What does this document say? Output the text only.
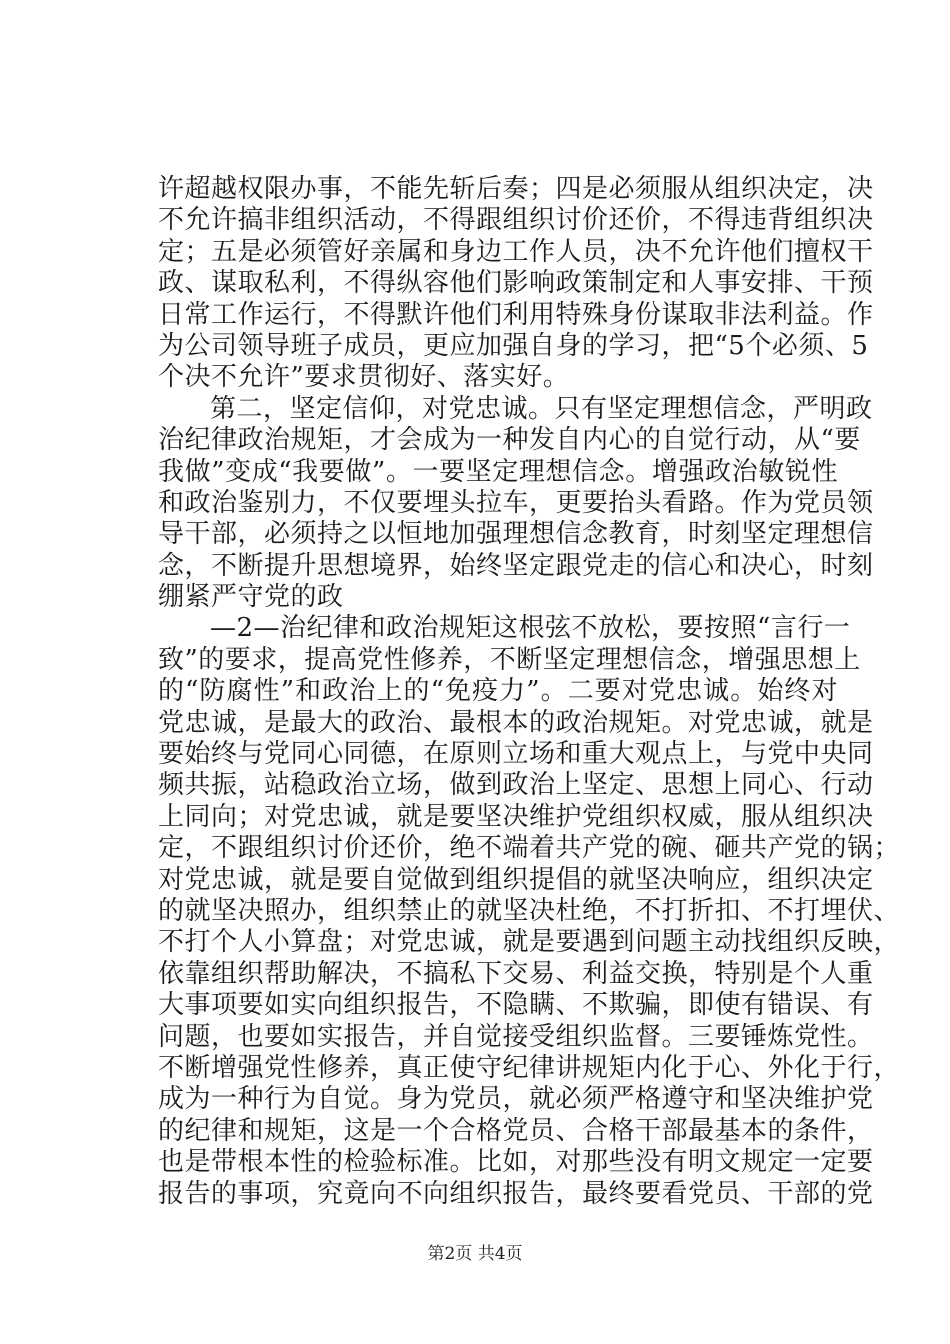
许超越权限办事，不能先斩后奏；四是必须服从组织决定，决
不允许搞非组织活动，不得跟组织讨价还价，不得违背组织决
定；五是必须管好亲属和身边工作人员，决不允许他们擅权干
政、谋取私利，不得纵容他们影响政策制定和人事安排、干预
日常工作运行，不得默许他们利用特殊身份谋取非法利益。作
为公司领导班子成员，更应加强自身的学习，把“5个必须、5
个决不允许”要求贯彻好、落实好。
第二，坚定信仰，对党忠诚。只有坚定理想信念，严明政
治纪律政治规矩，才会成为一种发自内心的自觉行动，从“要
我做”变成“我要做”。一要坚定理想信念。增强政治敏锐性
和政治鉴别力，不仅要埋头拉车，更要抬头看路。作为党员领
导干部，必须持之以恒地加强理想信念教育，时刻坚定理想信
念，不断提升思想境界，始终坚定跟党走的信心和决心，时刻
绷紧严守党的政
—2—治纪律和政治规矩这根弦不放松，要按照“言行一
致”的要求，提高党性修养，不断坚定理想信念，增强思想上
的“防腐性”和政治上的“免疫力”。二要对党忠诚。始终对
党忠诚，是最大的政治、最根本的政治规矩。对党忠诚，就是
要始终与党同心同德，在原则立场和重大观点上，与党中央同
频共振，站稳政治立场，做到政治上坚定、思想上同心、行动
上同向；对党忠诚，就是要坚决维护党组织权威，服从组织决
定，不跟组织讨价还价，绝不端着共产党的碗、砸共产党的锅；
对党忠诚，就是要自觉做到组织提倡的就坚决响应，组织决定
的就坚决照办，组织禁止的就坚决杜绝，不打折扣、不打埋伏、
不打个人小算盘；对党忠诚，就是要遇到问题主动找组织反映，
依靠组织帮助解决，不搞私下交易、利益交换，特别是个人重
大事项要如实向组织报告，不隐瞒、不欺骗，即使有错误、有
问题，也要如实报告，并自觉接受组织监督。三要锤炼党性。
不断增强党性修养，真正使守纪律讲规矩内化于心、外化于行，
成为一种行为自觉。身为党员，就必须严格遵守和坚决维护党
的纪律和规矩，这是一个合格党员、合格干部最基本的条件，
也是带根本性的检验标准。比如，对那些没有明文规定一定要
报告的事项，究竟向不向组织报告，最终要看党员、干部的党
第2页 共4页
